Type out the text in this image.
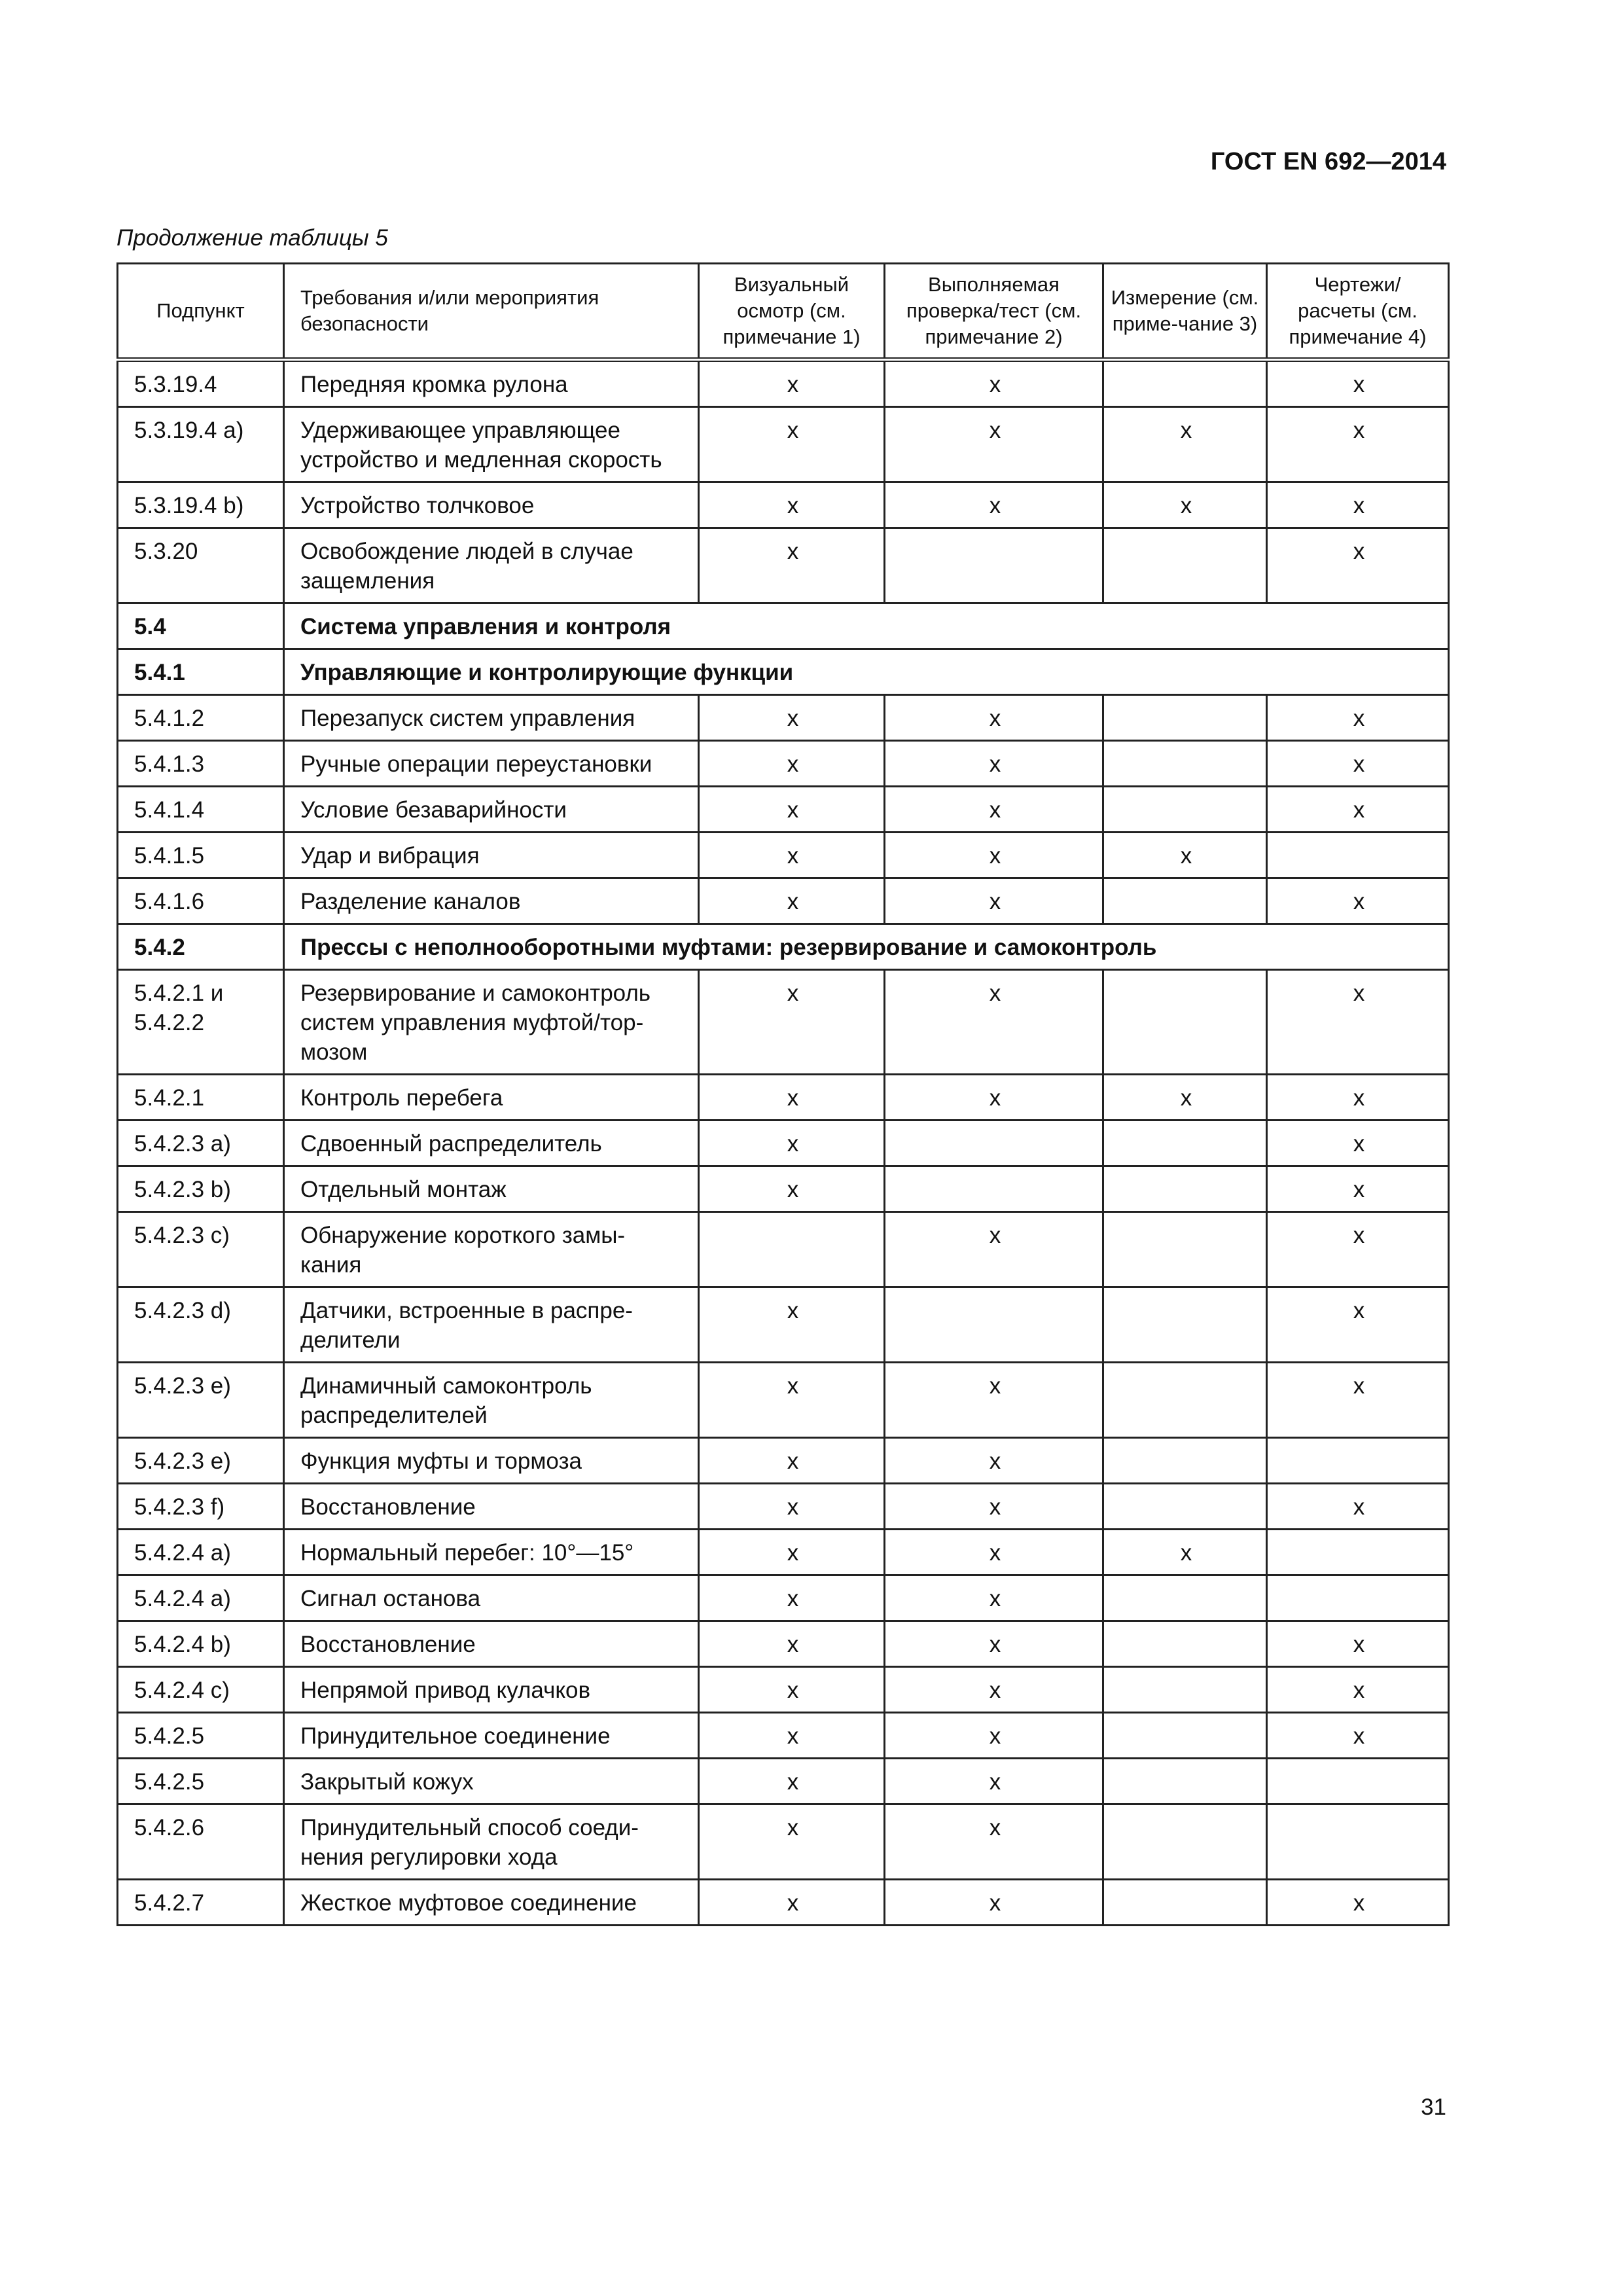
ГОСТ EN 692—2014
Продолжение таблицы 5
Подпункт	Требования и/или мероприятия безопасности	Визуальный осмотр (см. примечание 1)	Выполняемая проверка/тест (см. примечание 2)	Измерение (см. приме-чание 3)	Чертежи/ расчеты (см. примечание 4)
5.3.19.4	Передняя кромка рулона	x	x		x
5.3.19.4 a)	Удерживающее управляющее устройство и медленная скорость	x	x	x	x
5.3.19.4 b)	Устройство толчковое	x	x	x	x
5.3.20	Освобождение людей в случае защемления	x			x
5.4	Система управления и контроля				
5.4.1	Управляющие и контролирующие функции				
5.4.1.2	Перезапуск систем управления	x	x		x
5.4.1.3	Ручные операции переустановки	x	x		x
5.4.1.4	Условие безаварийности	x	x		x
5.4.1.5	Удар и вибрация	x	x	x	
5.4.1.6	Разделение каналов	x	x		x
5.4.2	Прессы с неполнооборотными муфтами: резервирование и самоконтроль				
5.4.2.1 и 5.4.2.2	Резервирование и самоконтроль систем управления муфтой/тор-мозом	x	x		x
5.4.2.1	Контроль перебега	x	x	x	x
5.4.2.3 a)	Сдвоенный распределитель	x			x
5.4.2.3 b)	Отдельный монтаж	x			x
5.4.2.3 c)	Обнаружение короткого замы-кания		x		x
5.4.2.3 d)	Датчики, встроенные в распре-делители	x			x
5.4.2.3 e)	Динамичный самоконтроль распределителей	x	x		x
5.4.2.3 e)	Функция муфты и тормоза	x	x		
5.4.2.3 f)	Восстановление	x	x		x
5.4.2.4 a)	Нормальный перебег: 10°—15°	x	x	x	
5.4.2.4 a)	Сигнал останова	x	x		
5.4.2.4 b)	Восстановление	x	x		x
5.4.2.4 c)	Непрямой привод кулачков	x	x		x
5.4.2.5	Принудительное соединение	x	x		x
5.4.2.5	Закрытый кожух	x	x		
5.4.2.6	Принудительный способ соеди-нения регулировки хода	x	x		
5.4.2.7	Жесткое муфтовое соединение	x	x		x
31
